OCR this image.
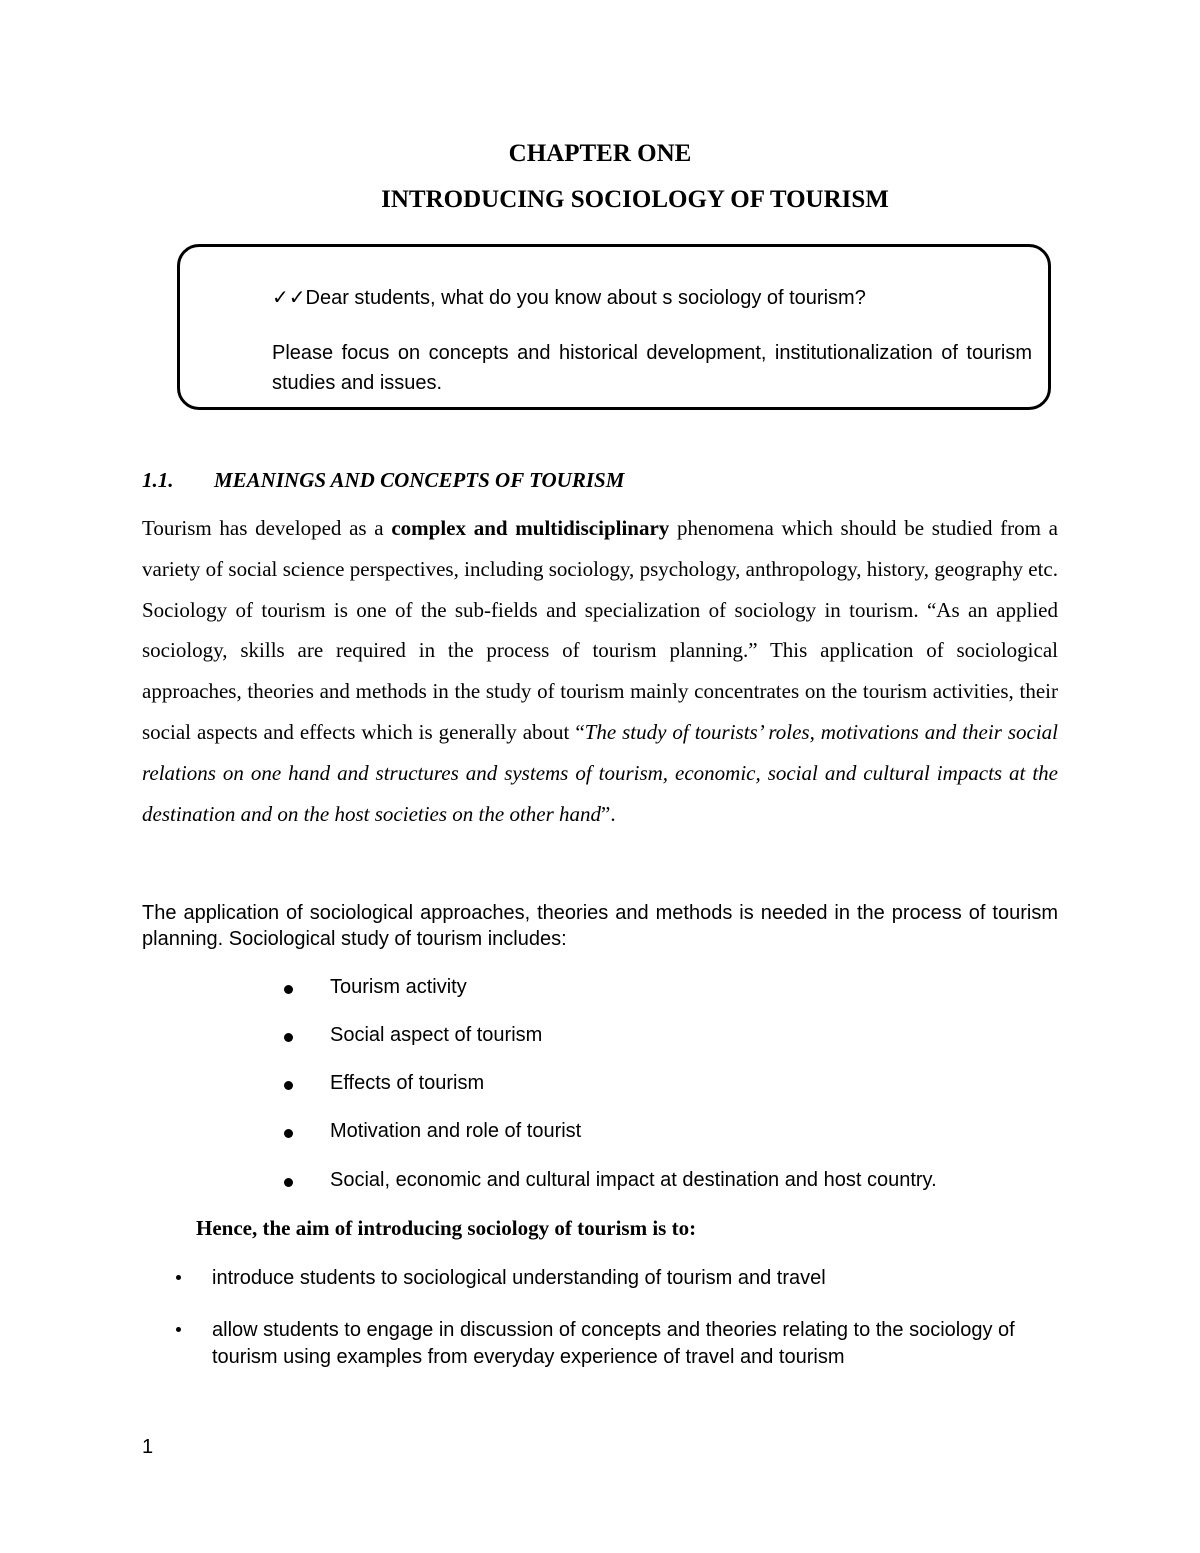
CHAPTER ONE
INTRODUCING SOCIOLOGY OF TOURISM
✓✓Dear students, what do you know about s sociology of tourism?
Please focus on concepts and historical development, institutionalization of tourism studies and issues.
1.1. MEANINGS AND CONCEPTS OF TOURISM
Tourism has developed as a complex and multidisciplinary phenomena which should be studied from a variety of social science perspectives, including sociology, psychology, anthropology, history, geography etc. Sociology of tourism is one of the sub-fields and specialization of sociology in tourism. “As an applied sociology, skills are required in the process of tourism planning.” This application of sociological approaches, theories and methods in the study of tourism mainly concentrates on the tourism activities, their social aspects and effects which is generally about “The study of tourists’ roles, motivations and their social relations on one hand and structures and systems of tourism, economic, social and cultural impacts at the destination and on the host societies on the other hand”.
The application of sociological approaches, theories and methods is needed in the process of tourism planning. Sociological study of tourism includes:
Tourism activity
Social aspect of tourism
Effects of tourism
Motivation and role of tourist
Social, economic and cultural impact at destination and host country.
Hence, the aim of introducing sociology of tourism is to:
introduce students to sociological understanding of tourism and travel
allow students to engage in discussion of concepts and theories relating to the sociology of tourism using examples from everyday experience of travel and tourism
1
